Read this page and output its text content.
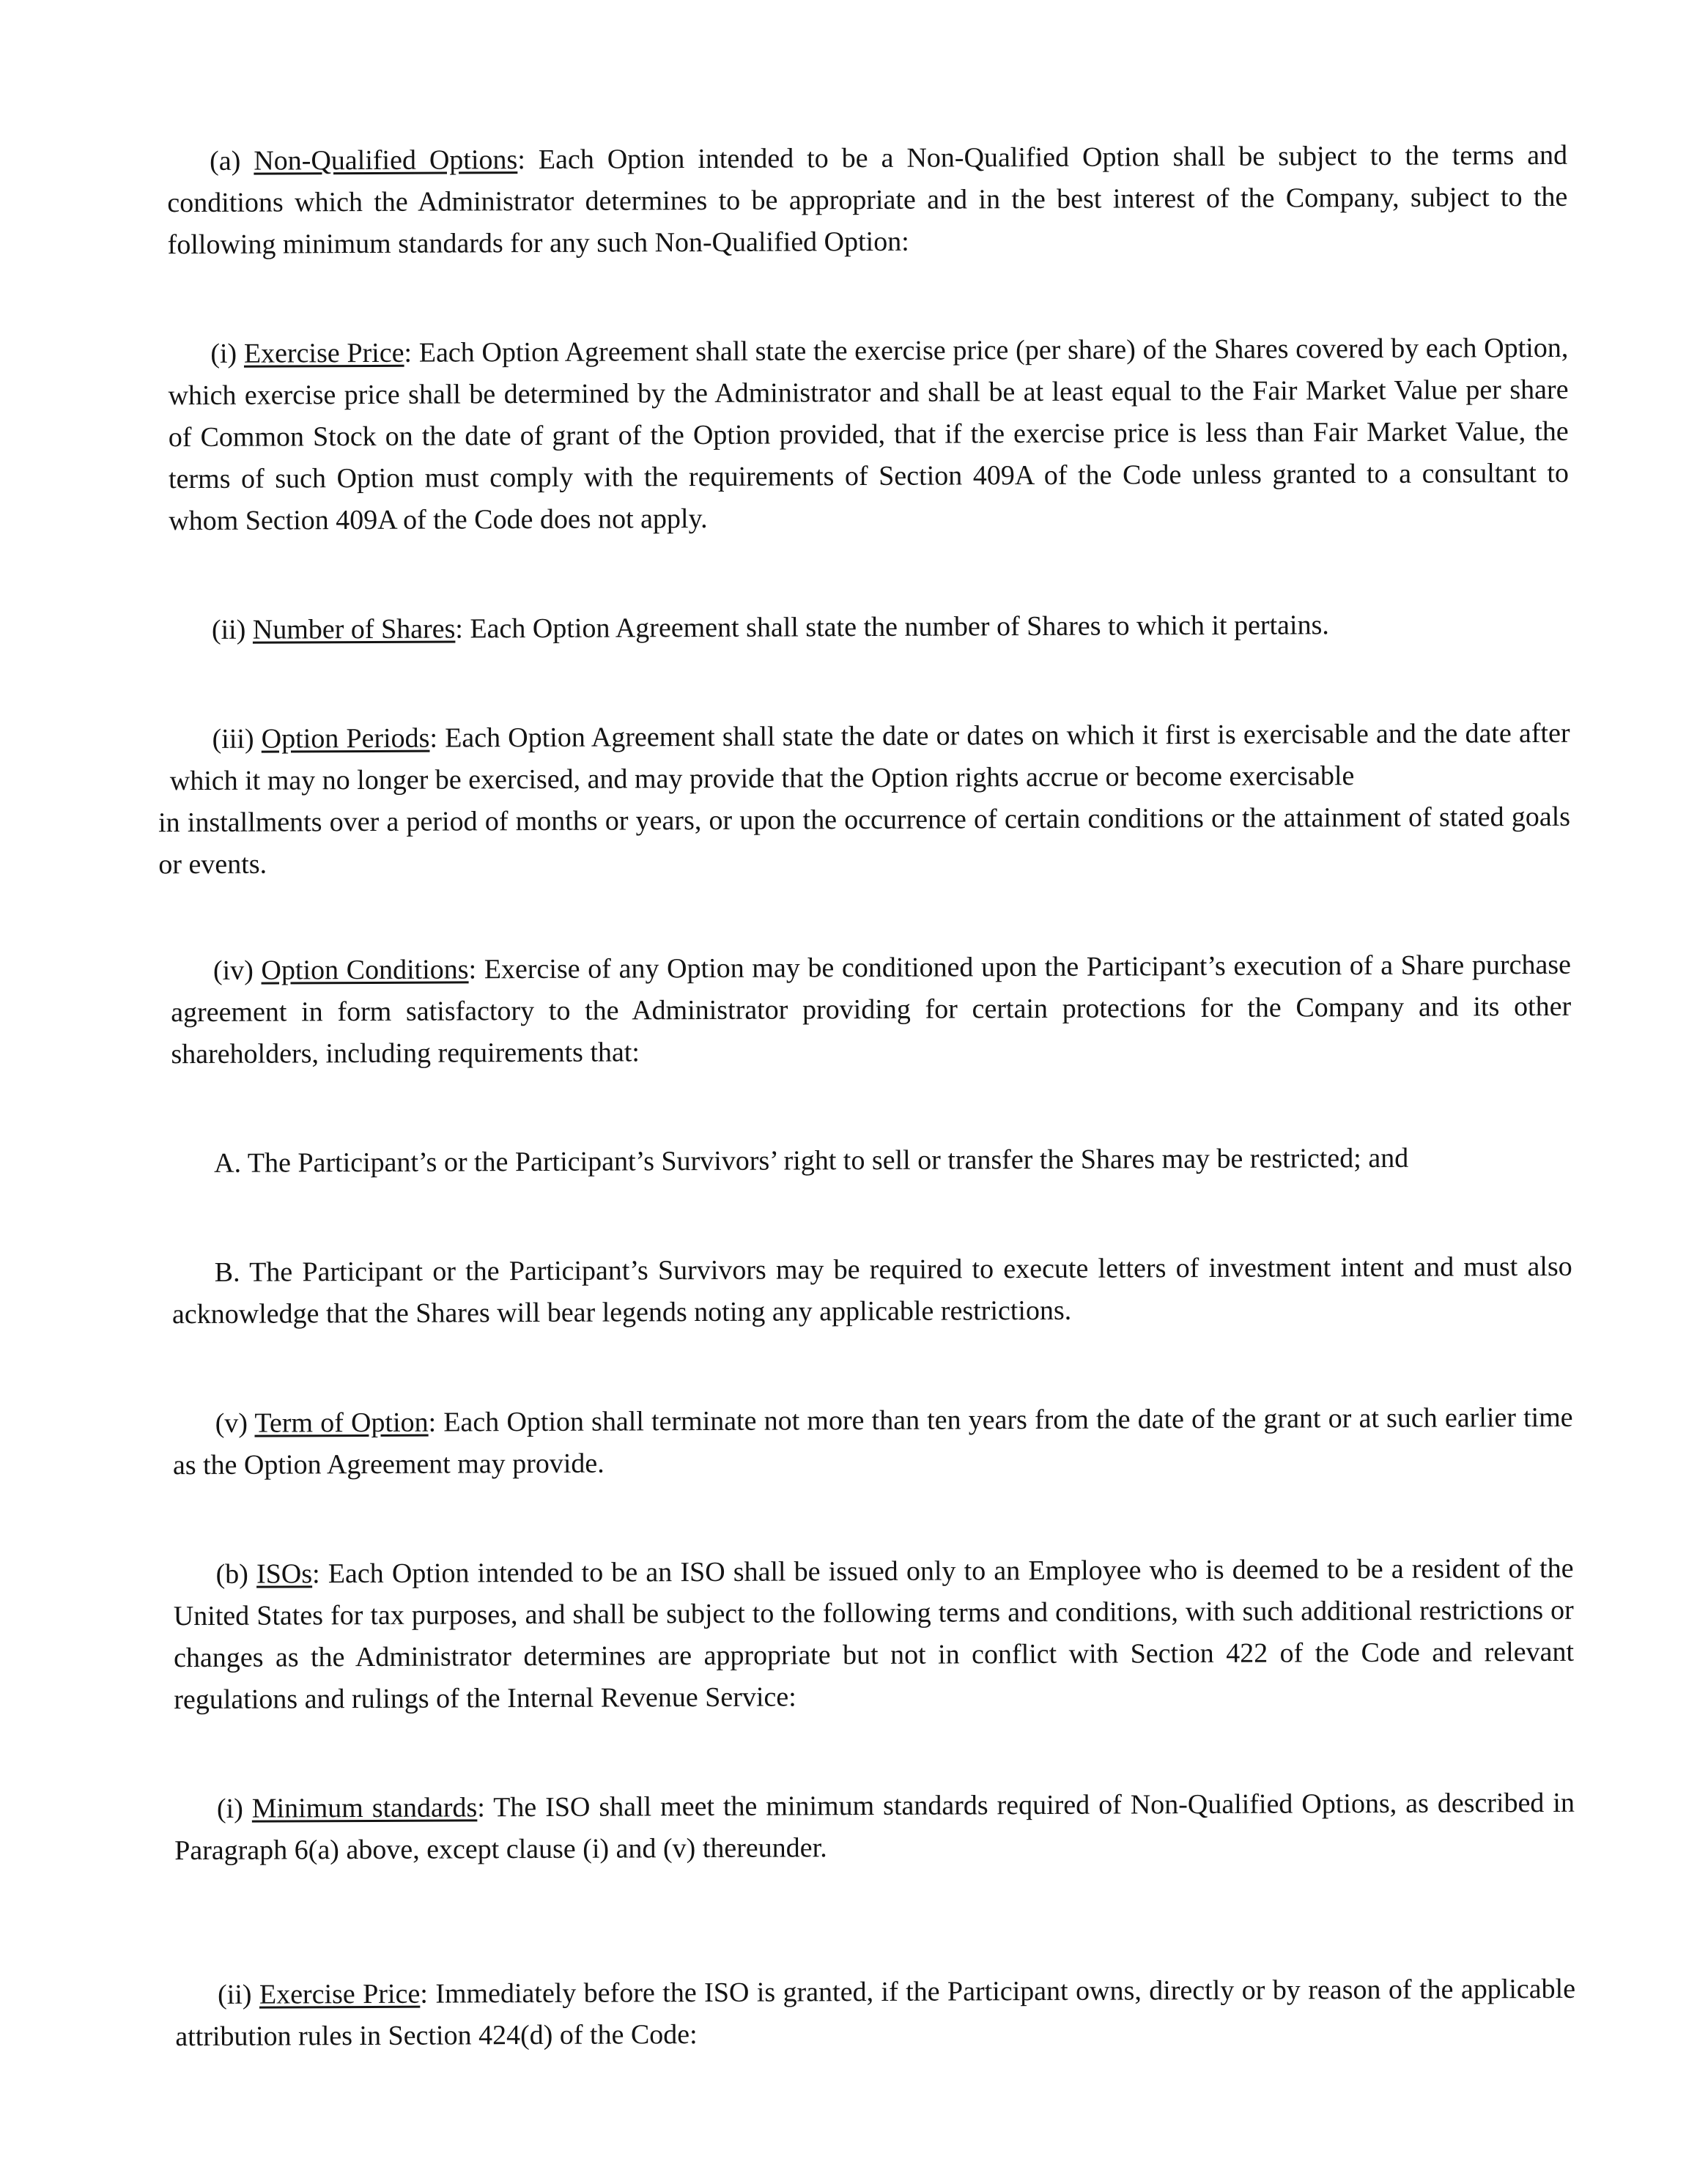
(a) Non-Qualified Options: Each Option intended to be a Non-Qualified Option shall be subject to the terms and conditions which the Administrator determines to be appropriate and in the best interest of the Company, subject to the following minimum standards for any such Non-Qualified Option:
(i) Exercise Price: Each Option Agreement shall state the exercise price (per share) of the Shares covered by each Option, which exercise price shall be determined by the Administrator and shall be at least equal to the Fair Market Value per share of Common Stock on the date of grant of the Option provided, that if the exercise price is less than Fair Market Value, the terms of such Option must comply with the requirements of Section 409A of the Code unless granted to a consultant to whom Section 409A of the Code does not apply.
(ii) Number of Shares: Each Option Agreement shall state the number of Shares to which it pertains.
(iii) Option Periods: Each Option Agreement shall state the date or dates on which it first is exercisable and the date after which it may no longer be exercised, and may provide that the Option rights accrue or become exercisable
in installments over a period of months or years, or upon the occurrence of certain conditions or the attainment of stated goals or events.
(iv) Option Conditions: Exercise of any Option may be conditioned upon the Participant’s execution of a Share purchase agreement in form satisfactory to the Administrator providing for certain protections for the Company and its other shareholders, including requirements that:
A. The Participant’s or the Participant’s Survivors’ right to sell or transfer the Shares may be restricted; and
B. The Participant or the Participant’s Survivors may be required to execute letters of investment intent and must also acknowledge that the Shares will bear legends noting any applicable restrictions.
(v) Term of Option: Each Option shall terminate not more than ten years from the date of the grant or at such earlier time as the Option Agreement may provide.
(b) ISOs: Each Option intended to be an ISO shall be issued only to an Employee who is deemed to be a resident of the United States for tax purposes, and shall be subject to the following terms and conditions, with such additional restrictions or changes as the Administrator determines are appropriate but not in conflict with Section 422 of the Code and relevant regulations and rulings of the Internal Revenue Service:
(i) Minimum standards: The ISO shall meet the minimum standards required of Non-Qualified Options, as described in Paragraph 6(a) above, except clause (i) and (v) thereunder.
(ii) Exercise Price: Immediately before the ISO is granted, if the Participant owns, directly or by reason of the applicable attribution rules in Section 424(d) of the Code:
